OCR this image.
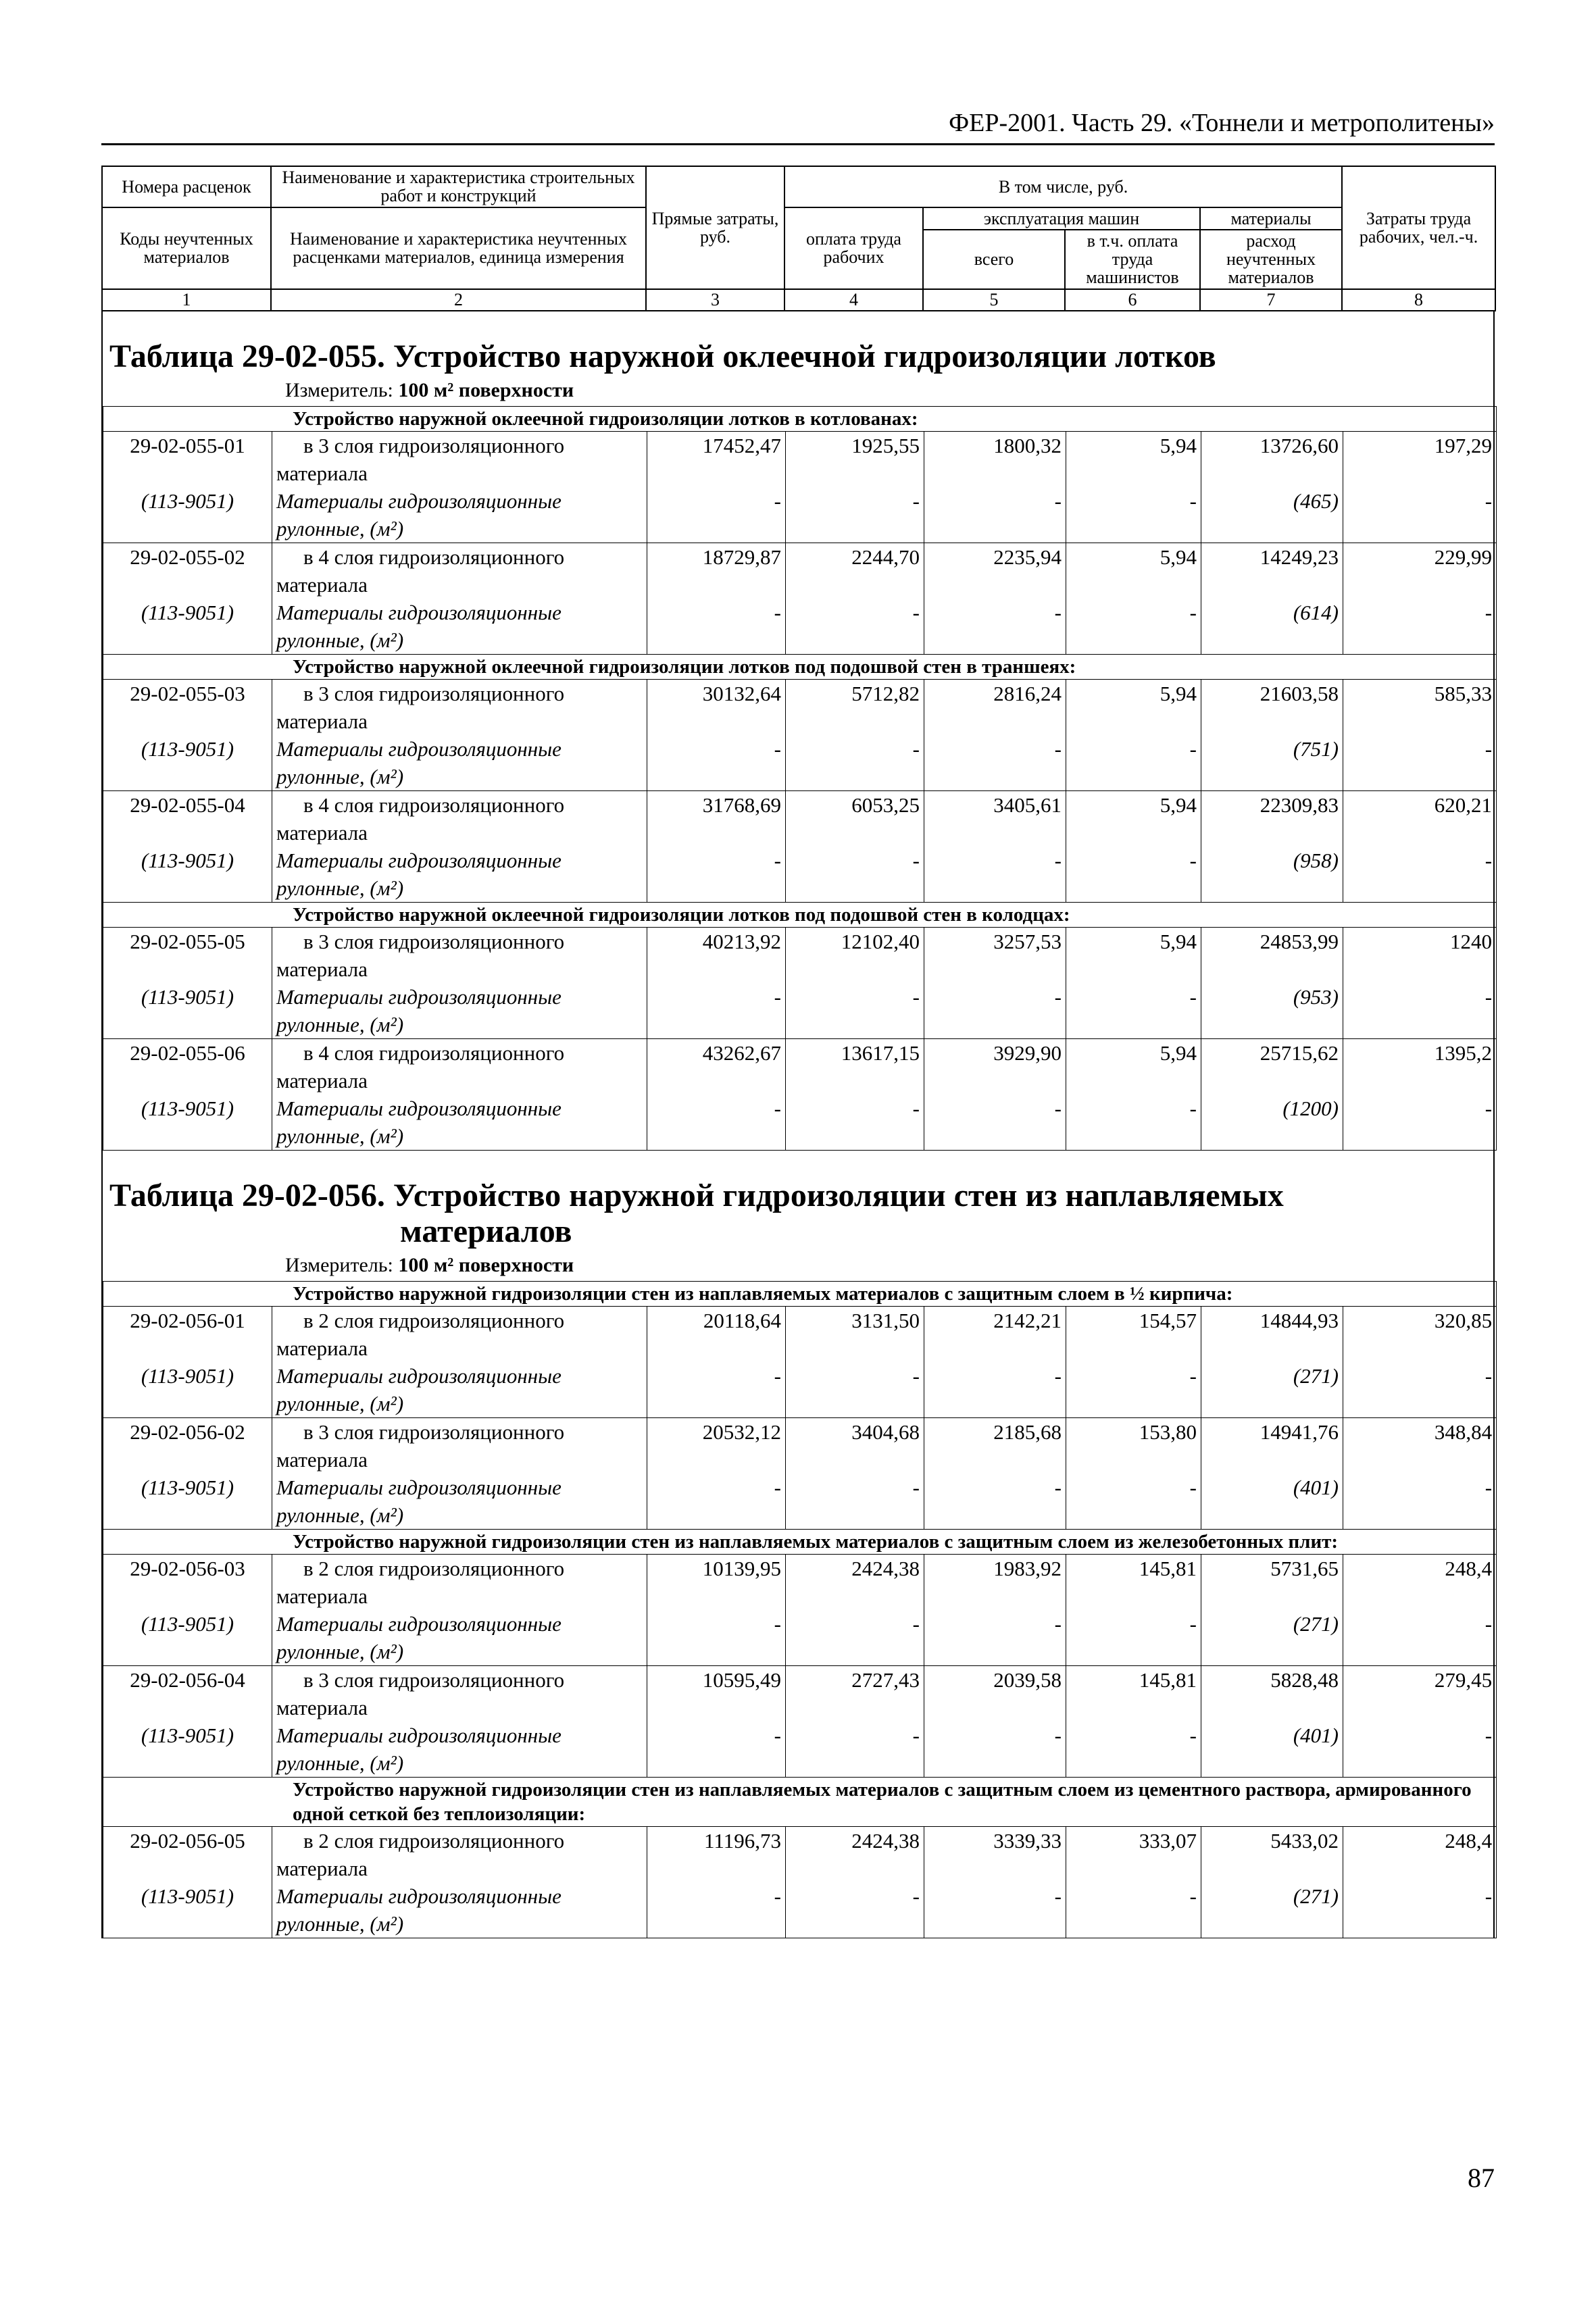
ФЕР-2001. Часть 29. «Тоннели и метрополитены»
Номера расценок	Наименование и характеристика строительных работ и конструкций	Прямые затраты, руб.	В том числе, руб.				Затраты труда рабочих, чел.-ч.
Коды неучтенных материалов	Наименование и характеристика неучтенных расценками материалов, единица измерения		оплата труда рабочих	эксплуатация машин		материалы	
				всего	в т.ч. оплата труда машинистов	расход неучтенных материалов	
1	2	3	4	5	6	7	8
Таблица 29-02-055. Устройство наружной оклеечной гидроизоляции лотков
Измеритель: 100 м² поверхности
Устройство наружной оклеечной гидроизоляции лотков в котлованах:							
29-02-055-01	в 3 слоя гидроизоляционного материала	17452,47	1925,55	1800,32	5,94	13726,60	197,29
(113-9051)	Материалы гидроизоляционные рулонные, (м²)	-	-	-	-	(465)	-
29-02-055-02	в 4 слоя гидроизоляционного материала	18729,87	2244,70	2235,94	5,94	14249,23	229,99
(113-9051)	Материалы гидроизоляционные рулонные, (м²)	-	-	-	-	(614)	-
Устройство наружной оклеечной гидроизоляции лотков под подошвой стен в траншеях:							
29-02-055-03	в 3 слоя гидроизоляционного материала	30132,64	5712,82	2816,24	5,94	21603,58	585,33
(113-9051)	Материалы гидроизоляционные рулонные, (м²)	-	-	-	-	(751)	-
29-02-055-04	в 4 слоя гидроизоляционного материала	31768,69	6053,25	3405,61	5,94	22309,83	620,21
(113-9051)	Материалы гидроизоляционные рулонные, (м²)	-	-	-	-	(958)	-
Устройство наружной оклеечной гидроизоляции лотков под подошвой стен в колодцах:							
29-02-055-05	в 3 слоя гидроизоляционного материала	40213,92	12102,40	3257,53	5,94	24853,99	1240
(113-9051)	Материалы гидроизоляционные рулонные, (м²)	-	-	-	-	(953)	-
29-02-055-06	в 4 слоя гидроизоляционного материала	43262,67	13617,15	3929,90	5,94	25715,62	1395,2
(113-9051)	Материалы гидроизоляционные рулонные, (м²)	-	-	-	-	(1200)	-
Таблица 29-02-056. Устройство наружной гидроизоляции стен из наплавляемых
материалов
Измеритель: 100 м² поверхности
Устройство наружной гидроизоляции стен из наплавляемых материалов с защитным слоем в ½ кирпича:							
29-02-056-01	в 2 слоя гидроизоляционного материала	20118,64	3131,50	2142,21	154,57	14844,93	320,85
(113-9051)	Материалы гидроизоляционные рулонные, (м²)	-	-	-	-	(271)	-
29-02-056-02	в 3 слоя гидроизоляционного материала	20532,12	3404,68	2185,68	153,80	14941,76	348,84
(113-9051)	Материалы гидроизоляционные рулонные, (м²)	-	-	-	-	(401)	-
Устройство наружной гидроизоляции стен из наплавляемых материалов с защитным слоем из железобетонных плит:							
29-02-056-03	в 2 слоя гидроизоляционного материала	10139,95	2424,38	1983,92	145,81	5731,65	248,4
(113-9051)	Материалы гидроизоляционные рулонные, (м²)	-	-	-	-	(271)	-
29-02-056-04	в 3 слоя гидроизоляционного материала	10595,49	2727,43	2039,58	145,81	5828,48	279,45
(113-9051)	Материалы гидроизоляционные рулонные, (м²)	-	-	-	-	(401)	-
Устройство наружной гидроизоляции стен из наплавляемых материалов с защитным слоем из цементного раствора, армированного одной сеткой без теплоизоляции:							
29-02-056-05	в 2 слоя гидроизоляционного материала	11196,73	2424,38	3339,33	333,07	5433,02	248,4
(113-9051)	Материалы гидроизоляционные рулонные, (м²)	-	-	-	-	(271)	-
87
